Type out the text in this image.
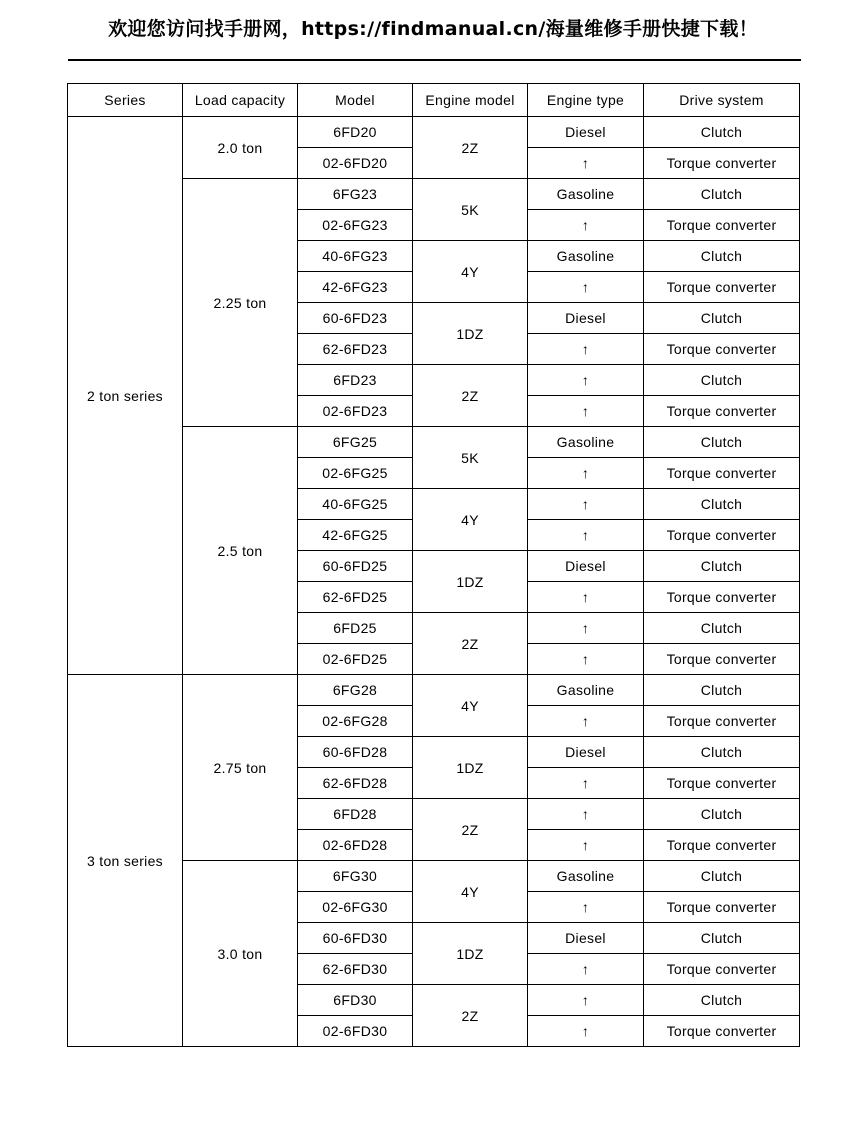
欢迎您访问找手册网，https://findmanual.cn/海量维修手册快捷下载！
Series	Load capacity	Model	Engine model	Engine type	Drive system
2 ton series	2.0 ton	6FD20	2Z	Diesel	Clutch
		02-6FD20		↑	Torque converter
	2.25 ton	6FG23	5K	Gasoline	Clutch
		02-6FG23		↑	Torque converter
		40-6FG23	4Y	Gasoline	Clutch
		42-6FG23		↑	Torque converter
		60-6FD23	1DZ	Diesel	Clutch
		62-6FD23		↑	Torque converter
		6FD23	2Z	↑	Clutch
		02-6FD23		↑	Torque converter
	2.5 ton	6FG25	5K	Gasoline	Clutch
		02-6FG25		↑	Torque converter
		40-6FG25	4Y	↑	Clutch
		42-6FG25		↑	Torque converter
		60-6FD25	1DZ	Diesel	Clutch
		62-6FD25		↑	Torque converter
		6FD25	2Z	↑	Clutch
		02-6FD25		↑	Torque converter
3 ton series	2.75 ton	6FG28	4Y	Gasoline	Clutch
		02-6FG28		↑	Torque converter
		60-6FD28	1DZ	Diesel	Clutch
		62-6FD28		↑	Torque converter
		6FD28	2Z	↑	Clutch
		02-6FD28		↑	Torque converter
	3.0 ton	6FG30	4Y	Gasoline	Clutch
		02-6FG30		↑	Torque converter
		60-6FD30	1DZ	Diesel	Clutch
		62-6FD30		↑	Torque converter
		6FD30	2Z	↑	Clutch
		02-6FD30		↑	Torque converter
